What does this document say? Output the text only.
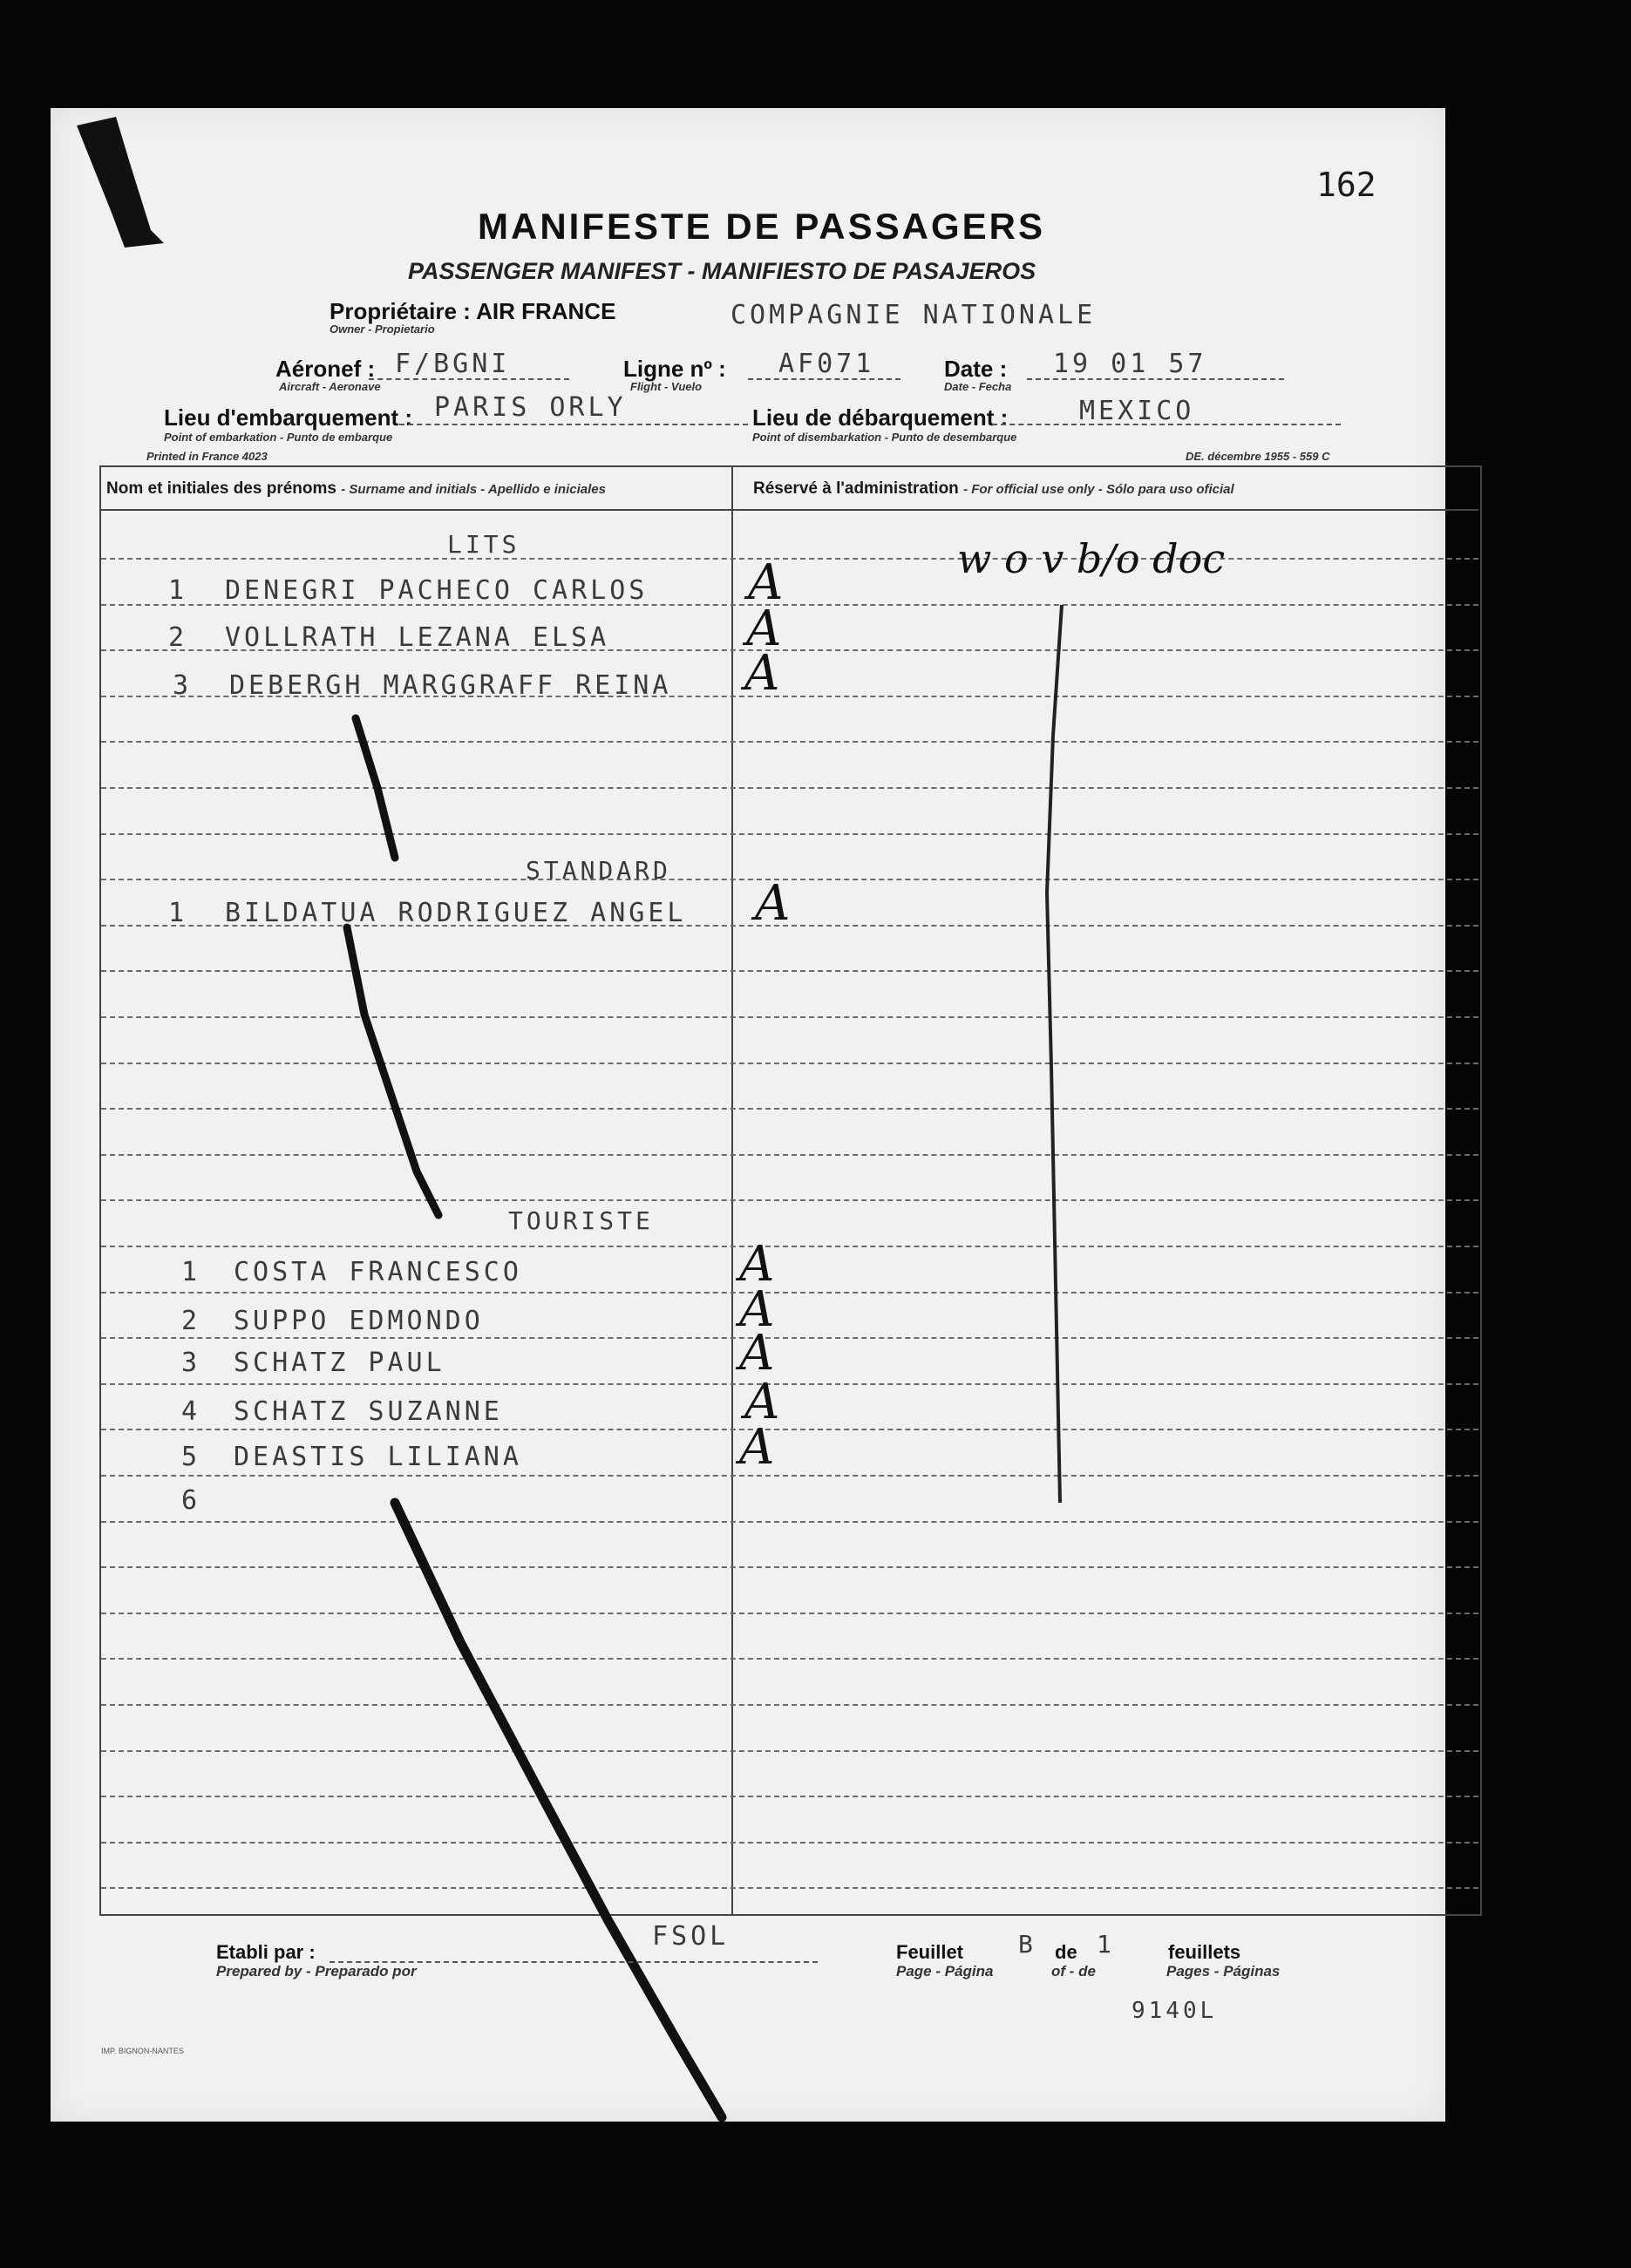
162
MANIFESTE DE PASSAGERS
PASSENGER MANIFEST - MANIFIESTO DE PASAJEROS
Propriétaire : AIR FRANCE
Owner - Propietario	COMPAGNIE NATIONALE
Aéronef :
Aircraft - Aeronave
F/BGNI	Ligne nº :
Flight - Vuelo
AF071	Date :
Date - Fecha
19 01 57
Lieu d'embarquement :
Point of embarkation - Punto de embarque
PARIS ORLY	Lieu de débarquement :
Point of disembarkation - Punto de desembarque
MEXICO
Printed in France 4023	DE. décembre 1955 - 559 C
Nom et initiales des prénoms - Surname and initials - Apellido e iniciales	Réservé à l'administration - For official use only - Sólo para uso oficial
LITS
1 DENEGRI PACHECO CARLOS A
2 VOLLRATH LEZANA ELSA	A
3 DEBERGH MARGGRAFF REINA A
STANDARD
1 BILDATUA RODRIGUEZ ANGEL A
TOURISTE
1 COSTA FRANCESCO	A
2 SUPPO EDMONDO	A
3 SCHATZ PAUL	A
4 SCHATZ SUZANNE	A
5 DEASTIS LILIANA	A
6
w o v b/o doc
Etabli par :
Prepared by - Preparado por
FSOL
Feuillet
Page - Página
B de
of - de
1	feuillets
Pages - Páginas
9140L
IMP. BIGNON-NANTES
